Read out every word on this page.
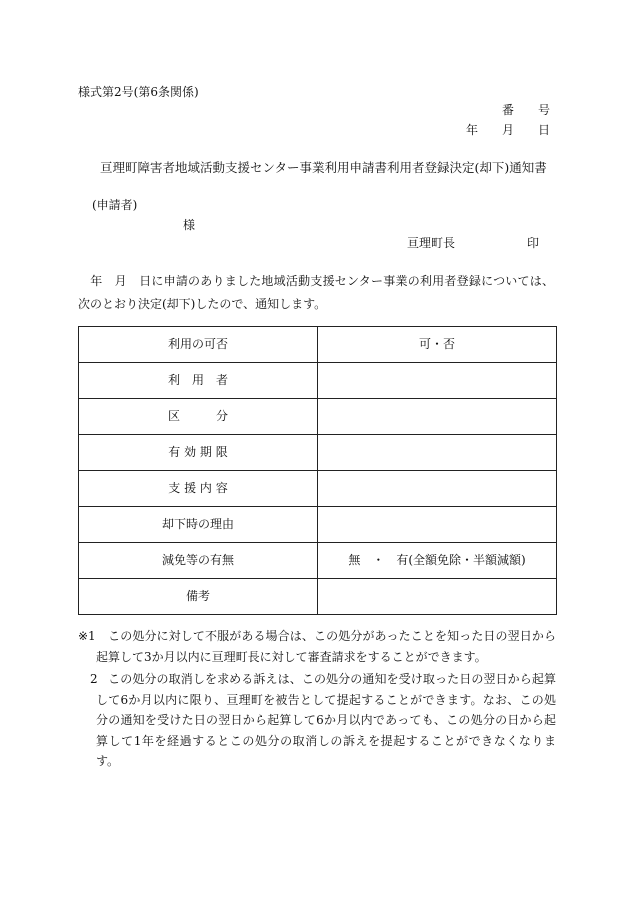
様式第2号(第6条関係)
番　　号
年　　月　　日
亘理町障害者地域活動支援センター事業利用申請書利用者登録決定(却下)通知書
(申請者)
様
亘理町長　　　　　　印
　年　月　日に申請のありました地域活動支援センター事業の利用者登録については、次のとおり決定(却下)したので、通知します。
利用の可否	可・否
利　用　者	
区　　　分	
有 効 期 限	
支 援 内 容	
却下時の理由	
減免等の有無	無　・　有(全額免除・半額減額)
備考	

※1 この処分に対して不服がある場合は、この処分があったことを知った日の翌日から起算して3か月以内に亘理町長に対して審査請求をすることができます。

2 この処分の取消しを求める訴えは、この処分の通知を受け取った日の翌日から起算して6か月以内に限り、亘理町を被告として提起することができます。なお、この処分の通知を受けた日の翌日から起算して6か月以内であっても、この処分の日から起算して1年を経過するとこの処分の取消しの訴えを提起することができなくなります。
